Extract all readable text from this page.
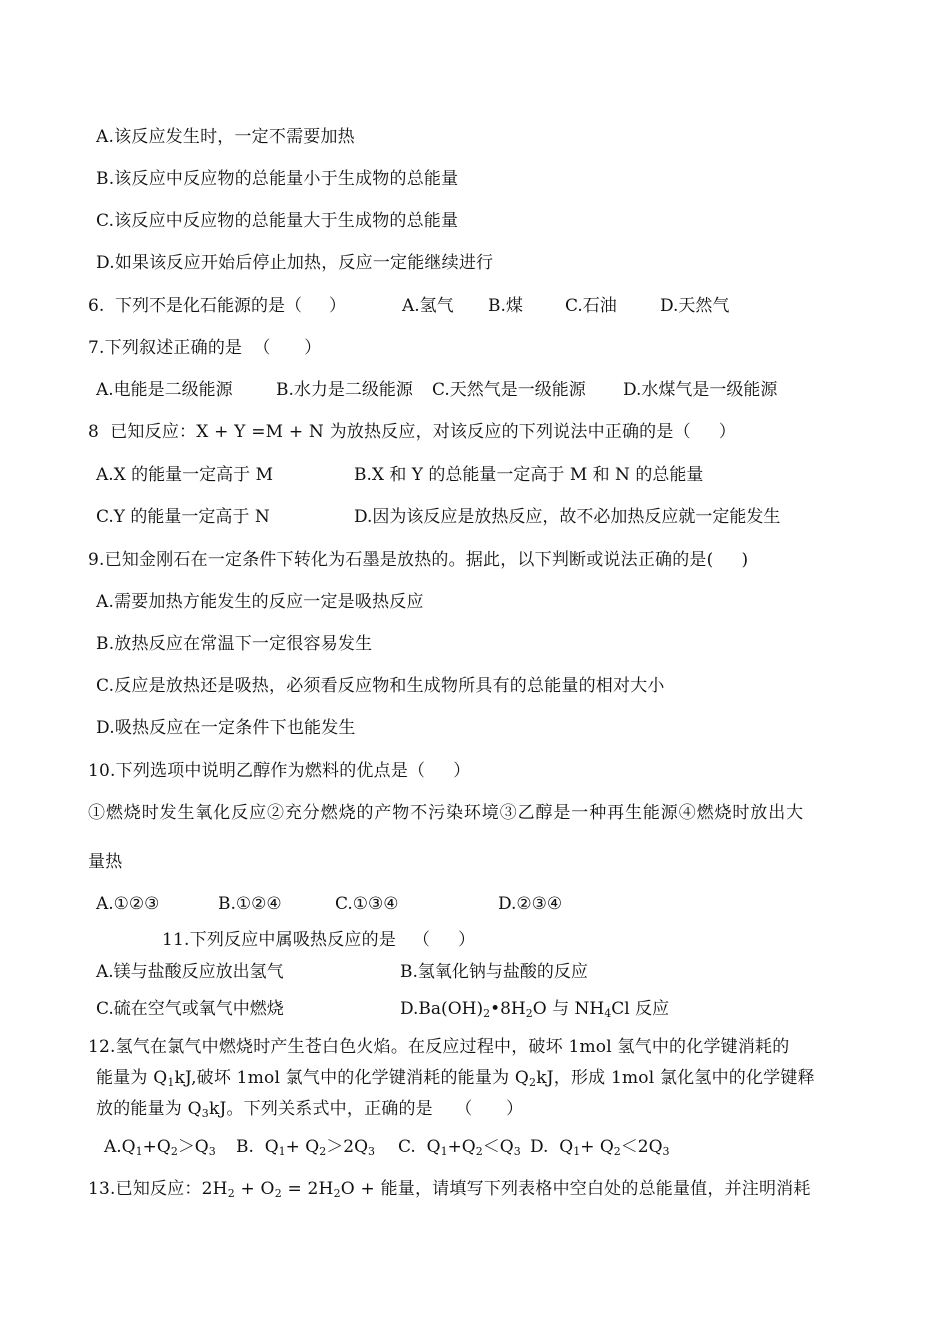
A.该反应发生时，一定不需要加热
B.该反应中反应物的总能量小于生成物的总能量
C.该反应中反应物的总能量大于生成物的总能量
D.如果该反应开始后停止加热，反应一定能继续进行
6.  下列不是化石能源的是（     ）	A.氢气 B.煤 C.石油	D.天然气
7.下列叙述正确的是  （      ）
A.电能是二级能源	B.水力是二级能源 C.天然气是一级能源 D.水煤气是一级能源
8  已知反应：X + Y =M + N 为放热反应，对该反应的下列说法中正确的是（     ）
A.X 的能量一定高于 M	B.X 和 Y 的总能量一定高于 M 和 N 的总能量
C.Y 的能量一定高于 N	D.因为该反应是放热反应，故不必加热反应就一定能发生
9.已知金刚石在一定条件下转化为石墨是放热的。据此，以下判断或说法正确的是(     )
A.需要加热方能发生的反应一定是吸热反应
B.放热反应在常温下一定很容易发生
C.反应是放热还是吸热，必须看反应物和生成物所具有的总能量的相对大小
D.吸热反应在一定条件下也能发生
10.下列选项中说明乙醇作为燃料的优点是（     ）
①燃烧时发生氧化反应②充分燃烧的产物不污染环境③乙醇是一种再生能源④燃烧时放出大
量热
A.①②③	B.①②④	C.①③④	D.②③④
11.下列反应中属吸热反应的是   （     ）
A.镁与盐酸反应放出氢气	B.氢氧化钠与盐酸的反应
C.硫在空气或氧气中燃烧	$D.Ba(OH)_2•8H_2O$ 与 $NH_4Cl$ 反应
12.氢气在氯气中燃烧时产生苍白色火焰。在反应过程中，破坏 1mol 氢气中的化学键消耗的
能量为 $Q_1kJ$,破坏 1mol 氯气中的化学键消耗的能量为 $Q_2kJ$，形成 1mol 氯化氢中的化学键释
放的能量为 $Q_3kJ$。下列关系式中，正确的是    （      ）
$A.Q_1+Q_2>Q_3$ B.  $Q_1+ Q_2>2Q_3$ C.  $Q_1+Q_2<Q_3$ D.  $Q_1+ Q_2<2Q_3$
13.已知反应：$2H_2 + O_2 = 2H_2O$ + 能量，请填写下列表格中空白处的总能量值，并注明消耗
